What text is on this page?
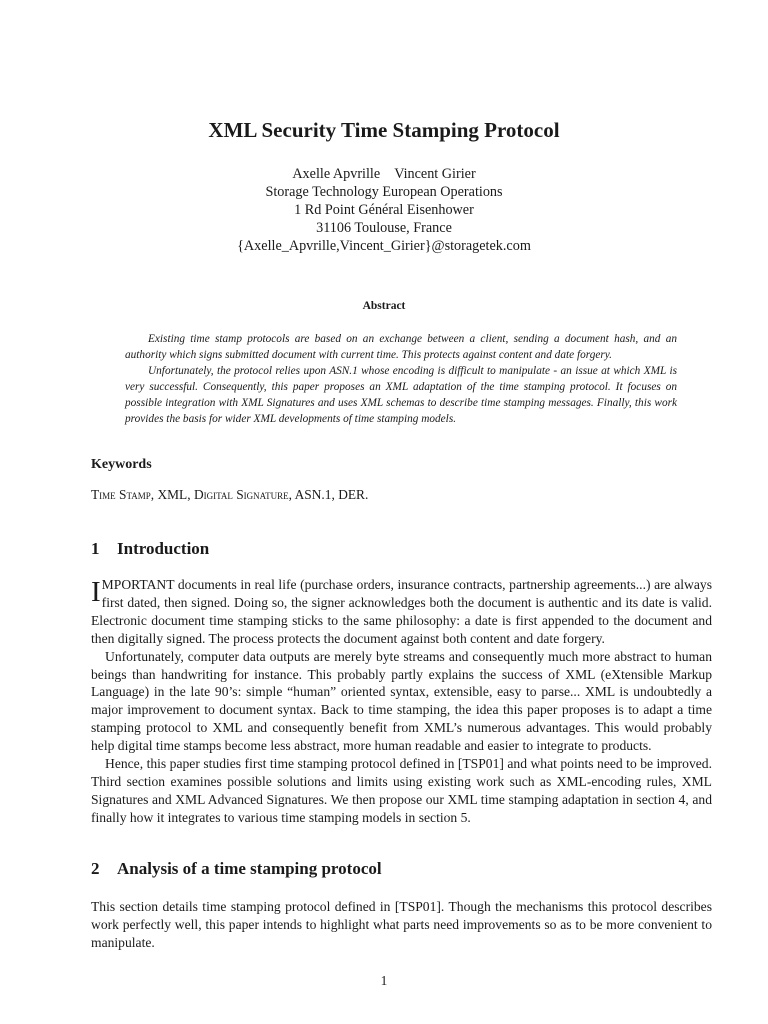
XML Security Time Stamping Protocol
Axelle Apvrille Vincent Girier
Storage Technology European Operations
1 Rd Point Général Eisenhower
31106 Toulouse, France
{Axelle_Apvrille,Vincent_Girier}@storagetek.com
Abstract

Existing time stamp protocols are based on an exchange between a client, sending a document hash, and an authority which signs submitted document with current time. This protects against content and date forgery.

Unfortunately, the protocol relies upon ASN.1 whose encoding is difficult to manipulate - an issue at which XML is very successful. Consequently, this paper proposes an XML adaptation of the time stamping protocol. It focuses on possible integration with XML Signatures and uses XML schemas to describe time stamping messages. Finally, this work provides the basis for wider XML developments of time stamping models.

Keywords
Time Stamp, XML, Digital Signature, ASN.1, DER.
1 Introduction

IMPORTANT documents in real life (purchase orders, insurance contracts, partnership agreements...) are always first dated, then signed. Doing so, the signer acknowledges both the document is authentic and its date is valid. Electronic document time stamping sticks to the same philosophy: a date is first appended to the document and then digitally signed. The process protects the document against both content and date forgery.

Unfortunately, computer data outputs are merely byte streams and consequently much more abstract to human beings than handwriting for instance. This probably partly explains the success of XML (eXtensible Markup Language) in the late 90’s: simple “human” oriented syntax, extensible, easy to parse... XML is undoubtedly a major improvement to document syntax. Back to time stamping, the idea this paper proposes is to adapt a time stamping protocol to XML and consequently benefit from XML’s numerous advantages. This would probably help digital time stamps become less abstract, more human readable and easier to integrate to products.

Hence, this paper studies first time stamping protocol defined in [TSP01] and what points need to be improved. Third section examines possible solutions and limits using existing work such as XML-encoding rules, XML Signatures and XML Advanced Signatures. We then propose our XML time stamping adaptation in section 4, and finally how it integrates to various time stamping models in section 5.

2 Analysis of a time stamping protocol

This section details time stamping protocol defined in [TSP01]. Though the mechanisms this protocol describes work perfectly well, this paper intends to highlight what parts need improvements so as to be more convenient to manipulate.

1
